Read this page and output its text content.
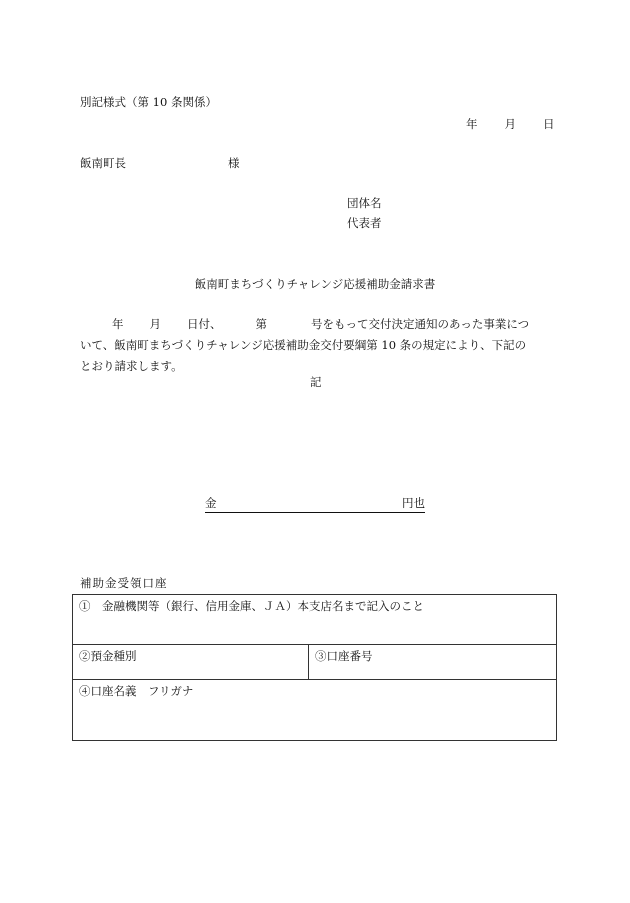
別記様式（第 10 条関係）
年 月 日
飯南町長	様
団体名
代表者
飯南町まちづくりチャレンジ応援補助金請求書
年 月 日付、	第	号をもって交付決定通知のあった事業につ
いて、飯南町まちづくりチャレンジ応援補助金交付要綱第 10 条の規定により、下記の
とおり請求します。
記
金	円也
補助金受領口座
①　金融機関等（銀行、信用金庫、ＪＡ）本支店名まで記入のこと
②預金種別	③口座番号
④口座名義　フリガナ
